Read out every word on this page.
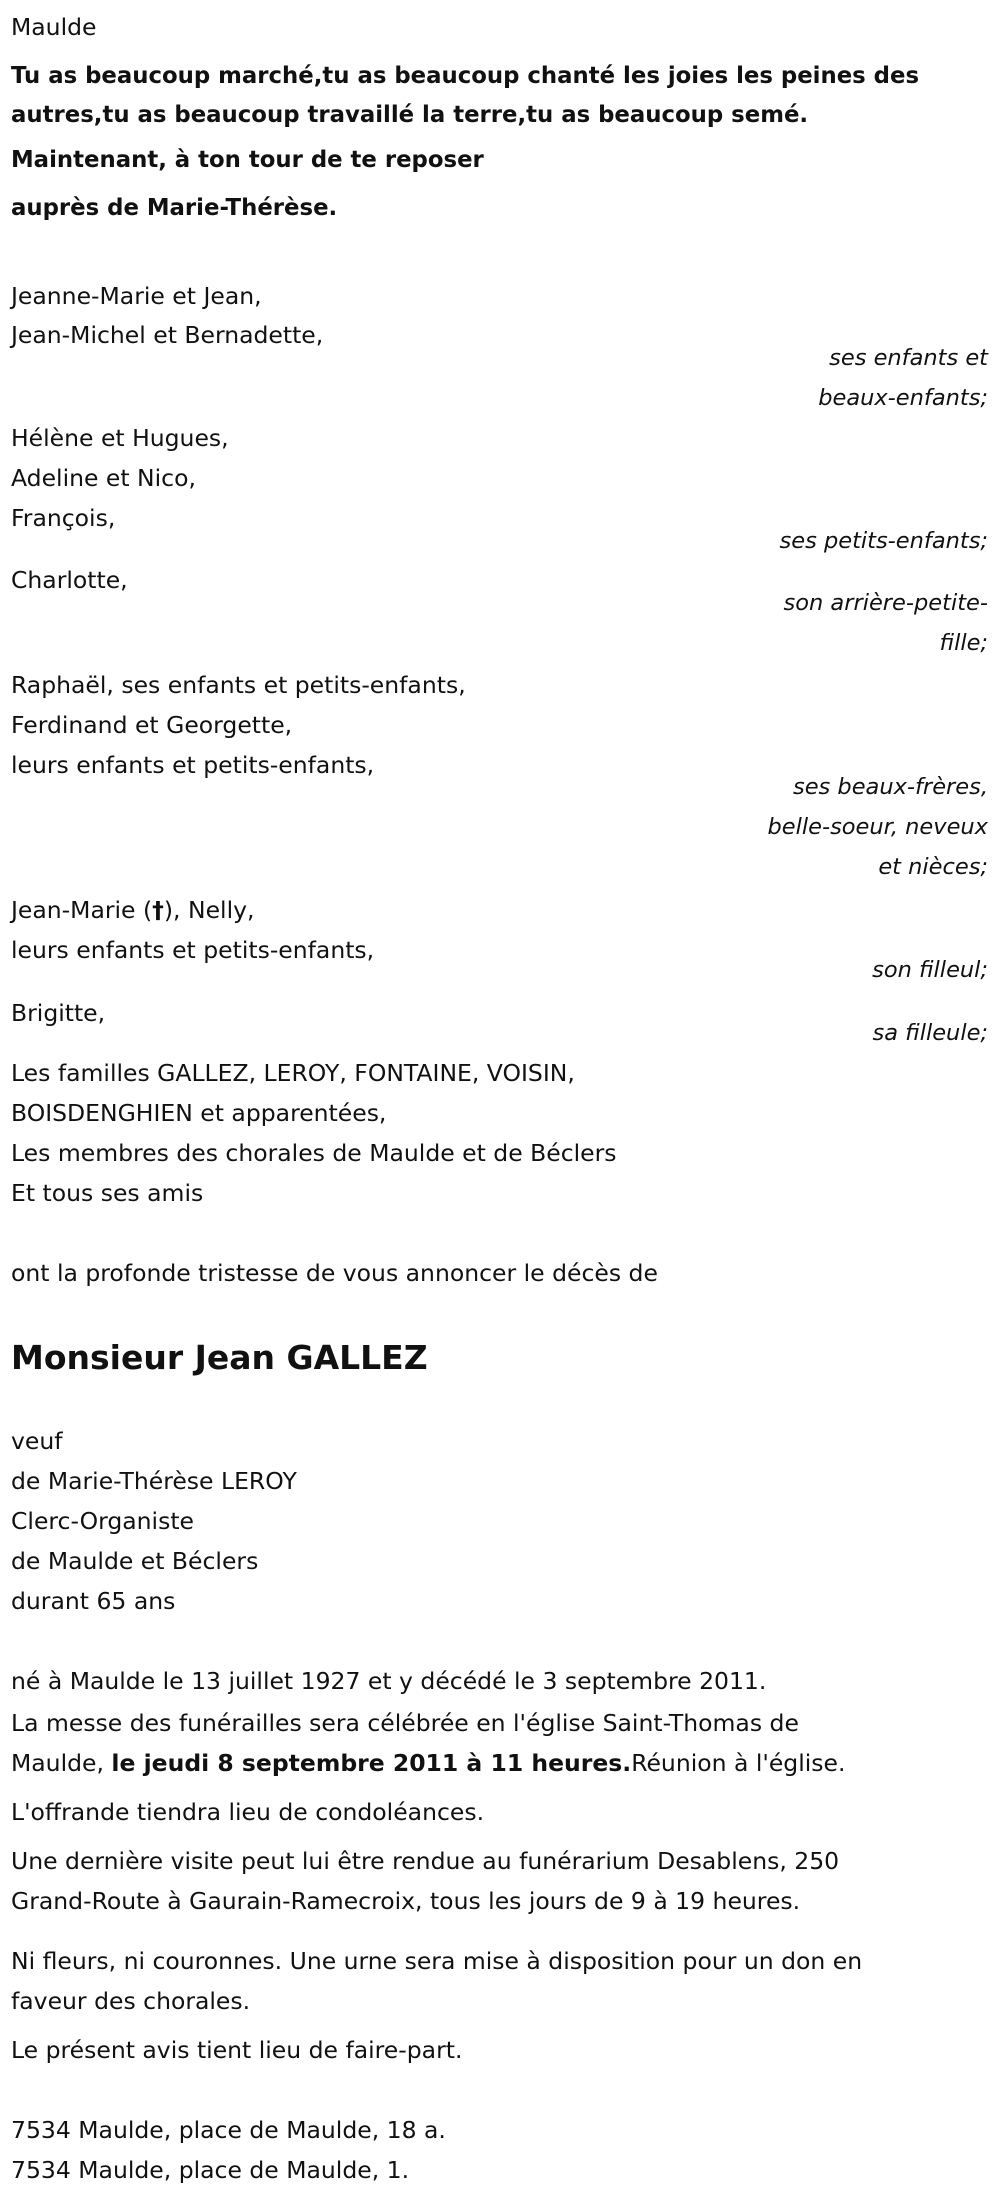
Maulde
Tu as beaucoup marché,tu as beaucoup chanté les joies les peines des
autres,tu as beaucoup travaillé la terre,tu as beaucoup semé.
Maintenant, à ton tour de te reposer
auprès de Marie-Thérèse.
Jeanne-Marie et Jean,
Jean-Michel et Bernadette,
ses enfants et
beaux-enfants;
Hélène et Hugues,
Adeline et Nico,
François,
ses petits-enfants;
Charlotte,
son arrière-petite-
fille;
Raphaël, ses enfants et petits-enfants,
Ferdinand et Georgette,
leurs enfants et petits-enfants,
ses beaux-frères,
belle-soeur, neveux
et nièces;
Jean-Marie (†), Nelly,
leurs enfants et petits-enfants,
son filleul;
Brigitte,
sa filleule;
Les familles GALLEZ, LEROY, FONTAINE, VOISIN,
BOISDENGHIEN et apparentées,
Les membres des chorales de Maulde et de Béclers
Et tous ses amis
ont la profonde tristesse de vous annoncer le décès de
Monsieur Jean GALLEZ
veuf
de Marie-Thérèse LEROY
Clerc-Organiste
de Maulde et Béclers
durant 65 ans
né à Maulde le 13 juillet 1927 et y décédé le 3 septembre 2011.
La messe des funérailles sera célébrée en l'église Saint-Thomas de
Maulde, le jeudi 8 septembre 2011 à 11 heures.Réunion à l'église.
L'offrande tiendra lieu de condoléances.
Une dernière visite peut lui être rendue au funérarium Desablens, 250
Grand-Route à Gaurain-Ramecroix, tous les jours de 9 à 19 heures.
Ni fleurs, ni couronnes. Une urne sera mise à disposition pour un don en
faveur des chorales.
Le présent avis tient lieu de faire-part.
7534 Maulde, place de Maulde, 18 a.
7534 Maulde, place de Maulde, 1.
